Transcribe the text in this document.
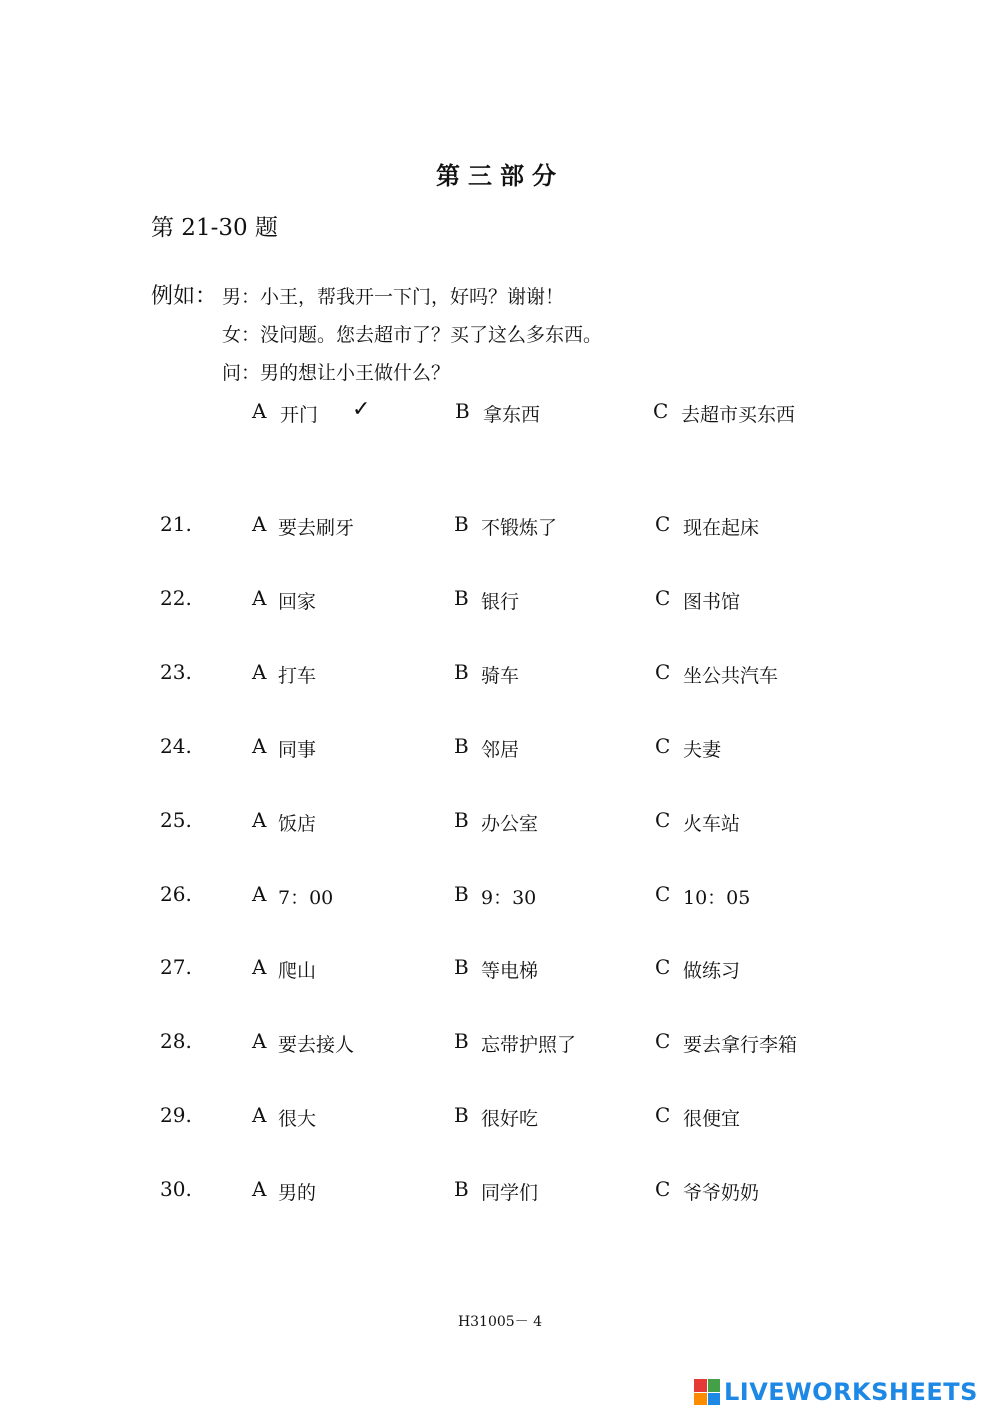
第三部分
第 21-30 题
例如： 男：小王，帮我开一下门，好吗？谢谢！
女：没问题。您去超市了？买了这么多东西。
问：男的想让小王做什么？
A 开门 ✓	B 拿东西	C 去超市买东西
21.	A 要去刷牙	B 不锻炼了	C 现在起床
22.	A 回家	B 银行	C 图书馆
23.	A 打车	B 骑车	C 坐公共汽车
24.	A 同事	B 邻居	C 夫妻
25.	A 饭店	B 办公室	C 火车站
26.	A 7：00	B 9：30	C 10：05
27.	A 爬山	B 等电梯	C 做练习
28.	A 要去接人	B 忘带护照了	C 要去拿行李箱
29.	A 很大	B 很好吃	C 很便宜
30.	A 男的	B 同学们	C 爷爷奶奶
H31005－ 4
LIVEWORKSHEETS
